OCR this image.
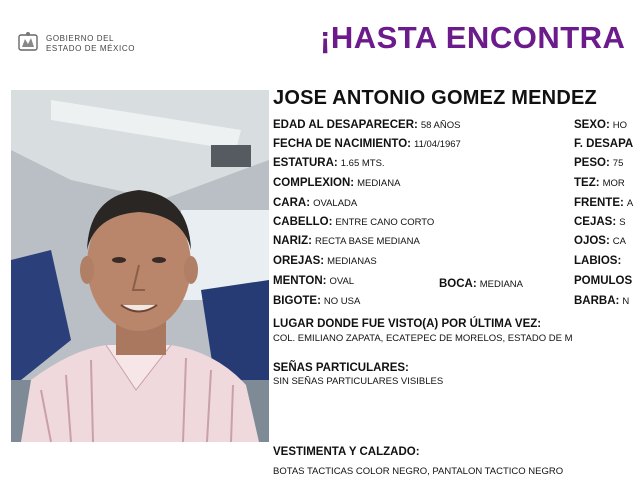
GOBIERNO DEL
ESTADO DE MÉXICO	¡HASTA ENCONTRA
JOSE ANTONIO GOMEZ MENDEZ
EDAD AL DESAPARECER: 58 AÑOS
FECHA DE NACIMIENTO: 11/04/1967
ESTATURA: 1.65 MTS.
COMPLEXION: MEDIANA
CARA: OVALADA
CABELLO: ENTRE CANO CORTO
NARIZ: RECTA BASE MEDIANA
OREJAS: MEDIANAS
MENTON: OVAL	BOCA: MEDIANA
BIGOTE: NO USA
SEXO: HO
F. DESAPA
PESO: 75
TEZ: MOR
FRENTE: A
CEJAS: S
OJOS: CA
LABIOS:
POMULOS
BARBA: N
LUGAR DONDE FUE VISTO(A) POR ÚLTIMA VEZ:
COL. EMILIANO ZAPATA, ECATEPEC DE MORELOS, ESTADO DE M
SEÑAS PARTICULARES:
SIN SEÑAS PARTICULARES VISIBLES
VESTIMENTA Y CALZADO:
BOTAS TACTICAS COLOR NEGRO, PANTALON TACTICO NEGRO
